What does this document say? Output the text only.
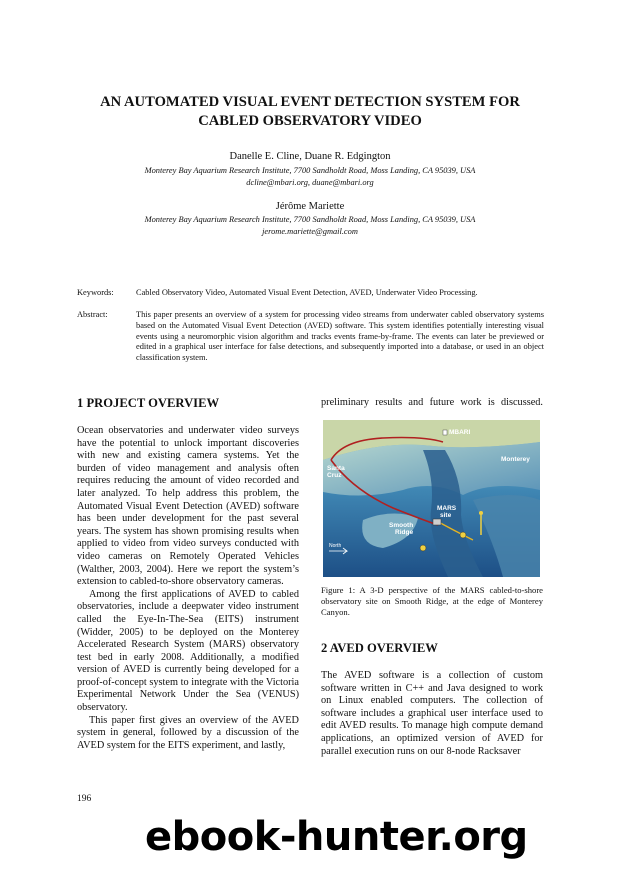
AN AUTOMATED VISUAL EVENT DETECTION SYSTEM FOR
CABLED OBSERVATORY VIDEO
Danelle E. Cline, Duane R. Edgington
Monterey Bay Aquarium Research Institute, 7700 Sandholdt Road, Moss Landing, CA 95039, USA
dcline@mbari.org, duane@mbari.org
Jérôme Mariette
Monterey Bay Aquarium Research Institute, 7700 Sandholdt Road, Moss Landing, CA 95039, USA
jerome.mariette@gmail.com
Keywords:	Cabled Observatory Video, Automated Visual Event Detection, AVED, Underwater Video Processing.
Abstract:	This paper presents an overview of a system for processing video streams from underwater cabled observatory systems based on the Automated Visual Event Detection (AVED) software. This system identifies potentially interesting visual events using a neuromorphic vision algorithm and tracks events frame-by-frame. The events can later be previewed or edited in a graphical user interface for false detections, and subsequently imported into a database, or used in an object classification system.
1 PROJECT OVERVIEW
Ocean observatories and underwater video surveys have the potential to unlock important discoveries with new and existing camera systems. Yet the burden of video management and analysis often requires reducing the amount of video recorded and later analyzed. To help address this problem, the Automated Visual Event Detection (AVED) software has been under development for the past several years. The system has shown promising results when applied to video from video surveys conducted with video cameras on Remotely Operated Vehicles (Walther, 2003, 2004). Here we report the system’s extension to cabled-to-shore observatory cameras.
Among the first applications of AVED to cabled observatories, include a deepwater video instrument called the Eye-In-The-Sea (EITS) instrument (Widder, 2005) to be deployed on the Monterey Accelerated Research System (MARS) observatory test bed in early 2008. Additionally, a modified version of AVED is currently being developed for a proof-of-concept system to integrate with the Victoria Experimental Network Under the Sea (VENUS) observatory.
This paper first gives an overview of the AVED system in general, followed by a discussion of the AVED system for the EITS experiment, and lastly,
preliminary results and future work is discussed.
MBARI
Monterey
Santa
Cruz
MARS
site
Smooth
Ridge
North
Figure 1: A 3-D perspective of the MARS cabled-to-shore observatory site on Smooth Ridge, at the edge of Monterey Canyon.
2 AVED OVERVIEW
The AVED software is a collection of custom software written in C++ and Java designed to work on Linux enabled computers. The collection of software includes a graphical user interface used to edit AVED results. To manage high compute demand applications, an optimized version of AVED for parallel execution runs on our 8-node Racksaver
196
ebook-hunter.org
